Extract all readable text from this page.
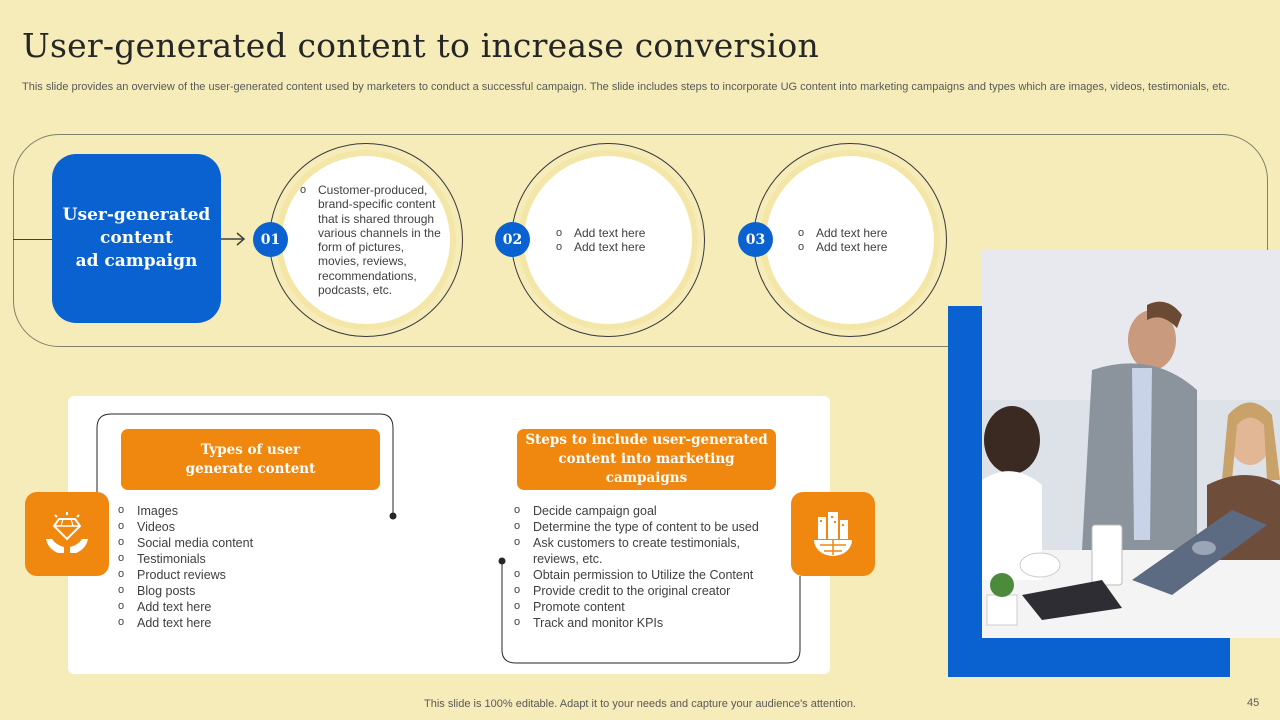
User-generated content to increase conversion
This slide provides an overview of the user-generated content used by marketers to conduct a successful campaign. The slide includes steps to incorporate UG content into marketing campaigns and types which are images, videos, testimonials, etc.
User-generated
content
ad campaign
o Customer-produced, brand-specific content that is shared through various channels in the form of pictures, movies, reviews, recommendations, podcasts, etc.
01	o Add text here
o Add text here
02	o Add text here
o Add text here
03
Types of user
generate content
Steps to include user-generated
content into marketing campaigns
o Images
o Videos
o Social media content
o Testimonials
o Product reviews
o Blog posts
o Add text here
o Add text here
o Decide campaign goal
o Determine the type of content to be used
o Ask customers to create testimonials, reviews, etc.
o Obtain permission to Utilize the Content
o Provide credit to the original creator
o Promote content
o Track and monitor KPIs
This slide is 100% editable. Adapt it to your needs and capture your audience's attention.	45
